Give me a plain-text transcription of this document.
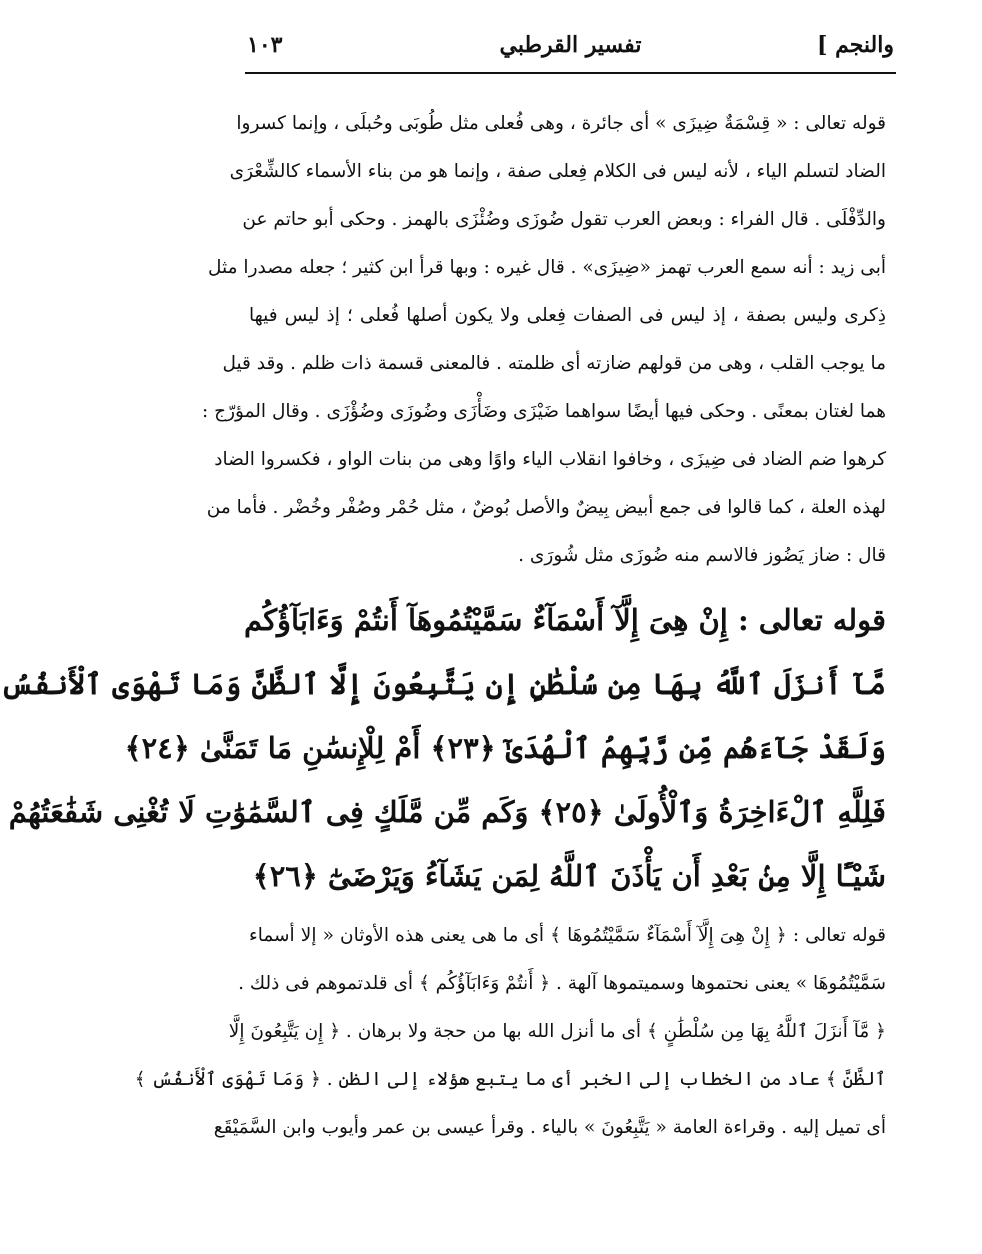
والنجم ]
تفسير القرطبي
١٠٣
قوله تعالى : « قِسْمَةٌ ضِيزَى » أى جائرة ، وهى فُعلى مثل طُوبَى وحُبلَى ، وإنما كسروا
الضاد لتسلم الياء ، لأنه ليس فى الكلام فِعلى صفة ، وإنما هو من بناء الأسماء كالشِّعْرَى
والدِّفْلَى . قال الفراء : وبعض العرب تقول ضُوزَى وضُئْزَى بالهمز . وحكى أبو حاتم عن
أبى زيد : أنه سمع العرب تهمز «ضِيزَى» . قال غيره : وبها قرأ ابن كثير ؛ جعله مصدرا مثل
ذِكرى وليس بصفة ، إذ ليس فى الصفات فِعلى ولا يكون أصلها فُعلى ؛ إذ ليس فيها
ما يوجب القلب ، وهى من قولهم ضازته أى ظلمته . فالمعنى قسمة ذات ظلم . وقد قيل
هما لغتان بمعنًى . وحكى فيها أيضًا سواهما ضَيْزَى وضَأْزَى وضُوزَى وضُؤْزَى . وقال المؤرّج :
كرهوا ضم الضاد فى ضِيزَى ، وخافوا انقلاب الياء واوًا وهى من بنات الواو ، فكسروا الضاد
لهذه العلة ، كما قالوا فى جمع أبيض بِيضٌ والأصل بُوضٌ ، مثل حُمْر وصُفْر وخُضْر . فأما من
قال : ضاز يَضُوز فالاسم منه ضُوزَى مثل شُورَى .
قوله تعالى : إِنْ هِىَ إِلَّآ أَسْمَآءٌ سَمَّيْتُمُوهَآ أَنتُمْ وَءَابَآؤُكُم
مَّآ أَنزَلَ ٱللَّهُ بِهَا مِن سُلْطَٰنٍ إِن يَتَّبِعُونَ إِلَّا ٱلظَّنَّ وَمَا تَهْوَى ٱلْأَنفُسُ
وَلَقَدْ جَآءَهُم مِّن رَّبِّهِمُ ٱلْهُدَىٰٓ ﴿٢٣﴾ أَمْ لِلْإِنسَٰنِ مَا تَمَنَّىٰ ﴿٢٤﴾
فَلِلَّهِ ٱلْءَاخِرَةُ وَٱلْأُولَىٰ ﴿٢٥﴾ وَكَم مِّن مَّلَكٍ فِى ٱلسَّمَٰوَٰتِ لَا تُغْنِى شَفَٰعَتُهُمْ
شَيْـًٔا إِلَّا مِنۢ بَعْدِ أَن يَأْذَنَ ٱللَّهُ لِمَن يَشَآءُ وَيَرْضَىٰٓ ﴿٢٦﴾
قوله تعالى : ﴿ إِنْ هِىَ إِلَّآ أَسْمَآءٌ سَمَّيْتُمُوهَا ﴾ أى ما هى يعنى هذه الأوثان « إلا أسماء
سَمَّيْتُمُوهَا » يعنى نحتموها وسميتموها آلهة . ﴿ أَنتُمْ وَءَابَآؤُكُم ﴾ أى قلدتموهم فى ذلك .
﴿ مَّآ أَنزَلَ ٱللَّهُ بِهَا مِن سُلْطَٰنٍ ﴾ أى ما أنزل الله بها من حجة ولا برهان . ﴿ إِن يَتَّبِعُونَ إِلَّا
ٱلظَّنَّ ﴾ عاد من الخطاب إلى الخبر أى ما يتبع هؤلاء إلى الظن . ﴿ وَمَا تَهْوَى ٱلْأَنفُسُ ﴾
أى تميل إليه . وقراءة العامة « يَتَّبِعُونَ » بالياء . وقرأ عيسى بن عمر وأيوب وابن السَّمَيْقَع
